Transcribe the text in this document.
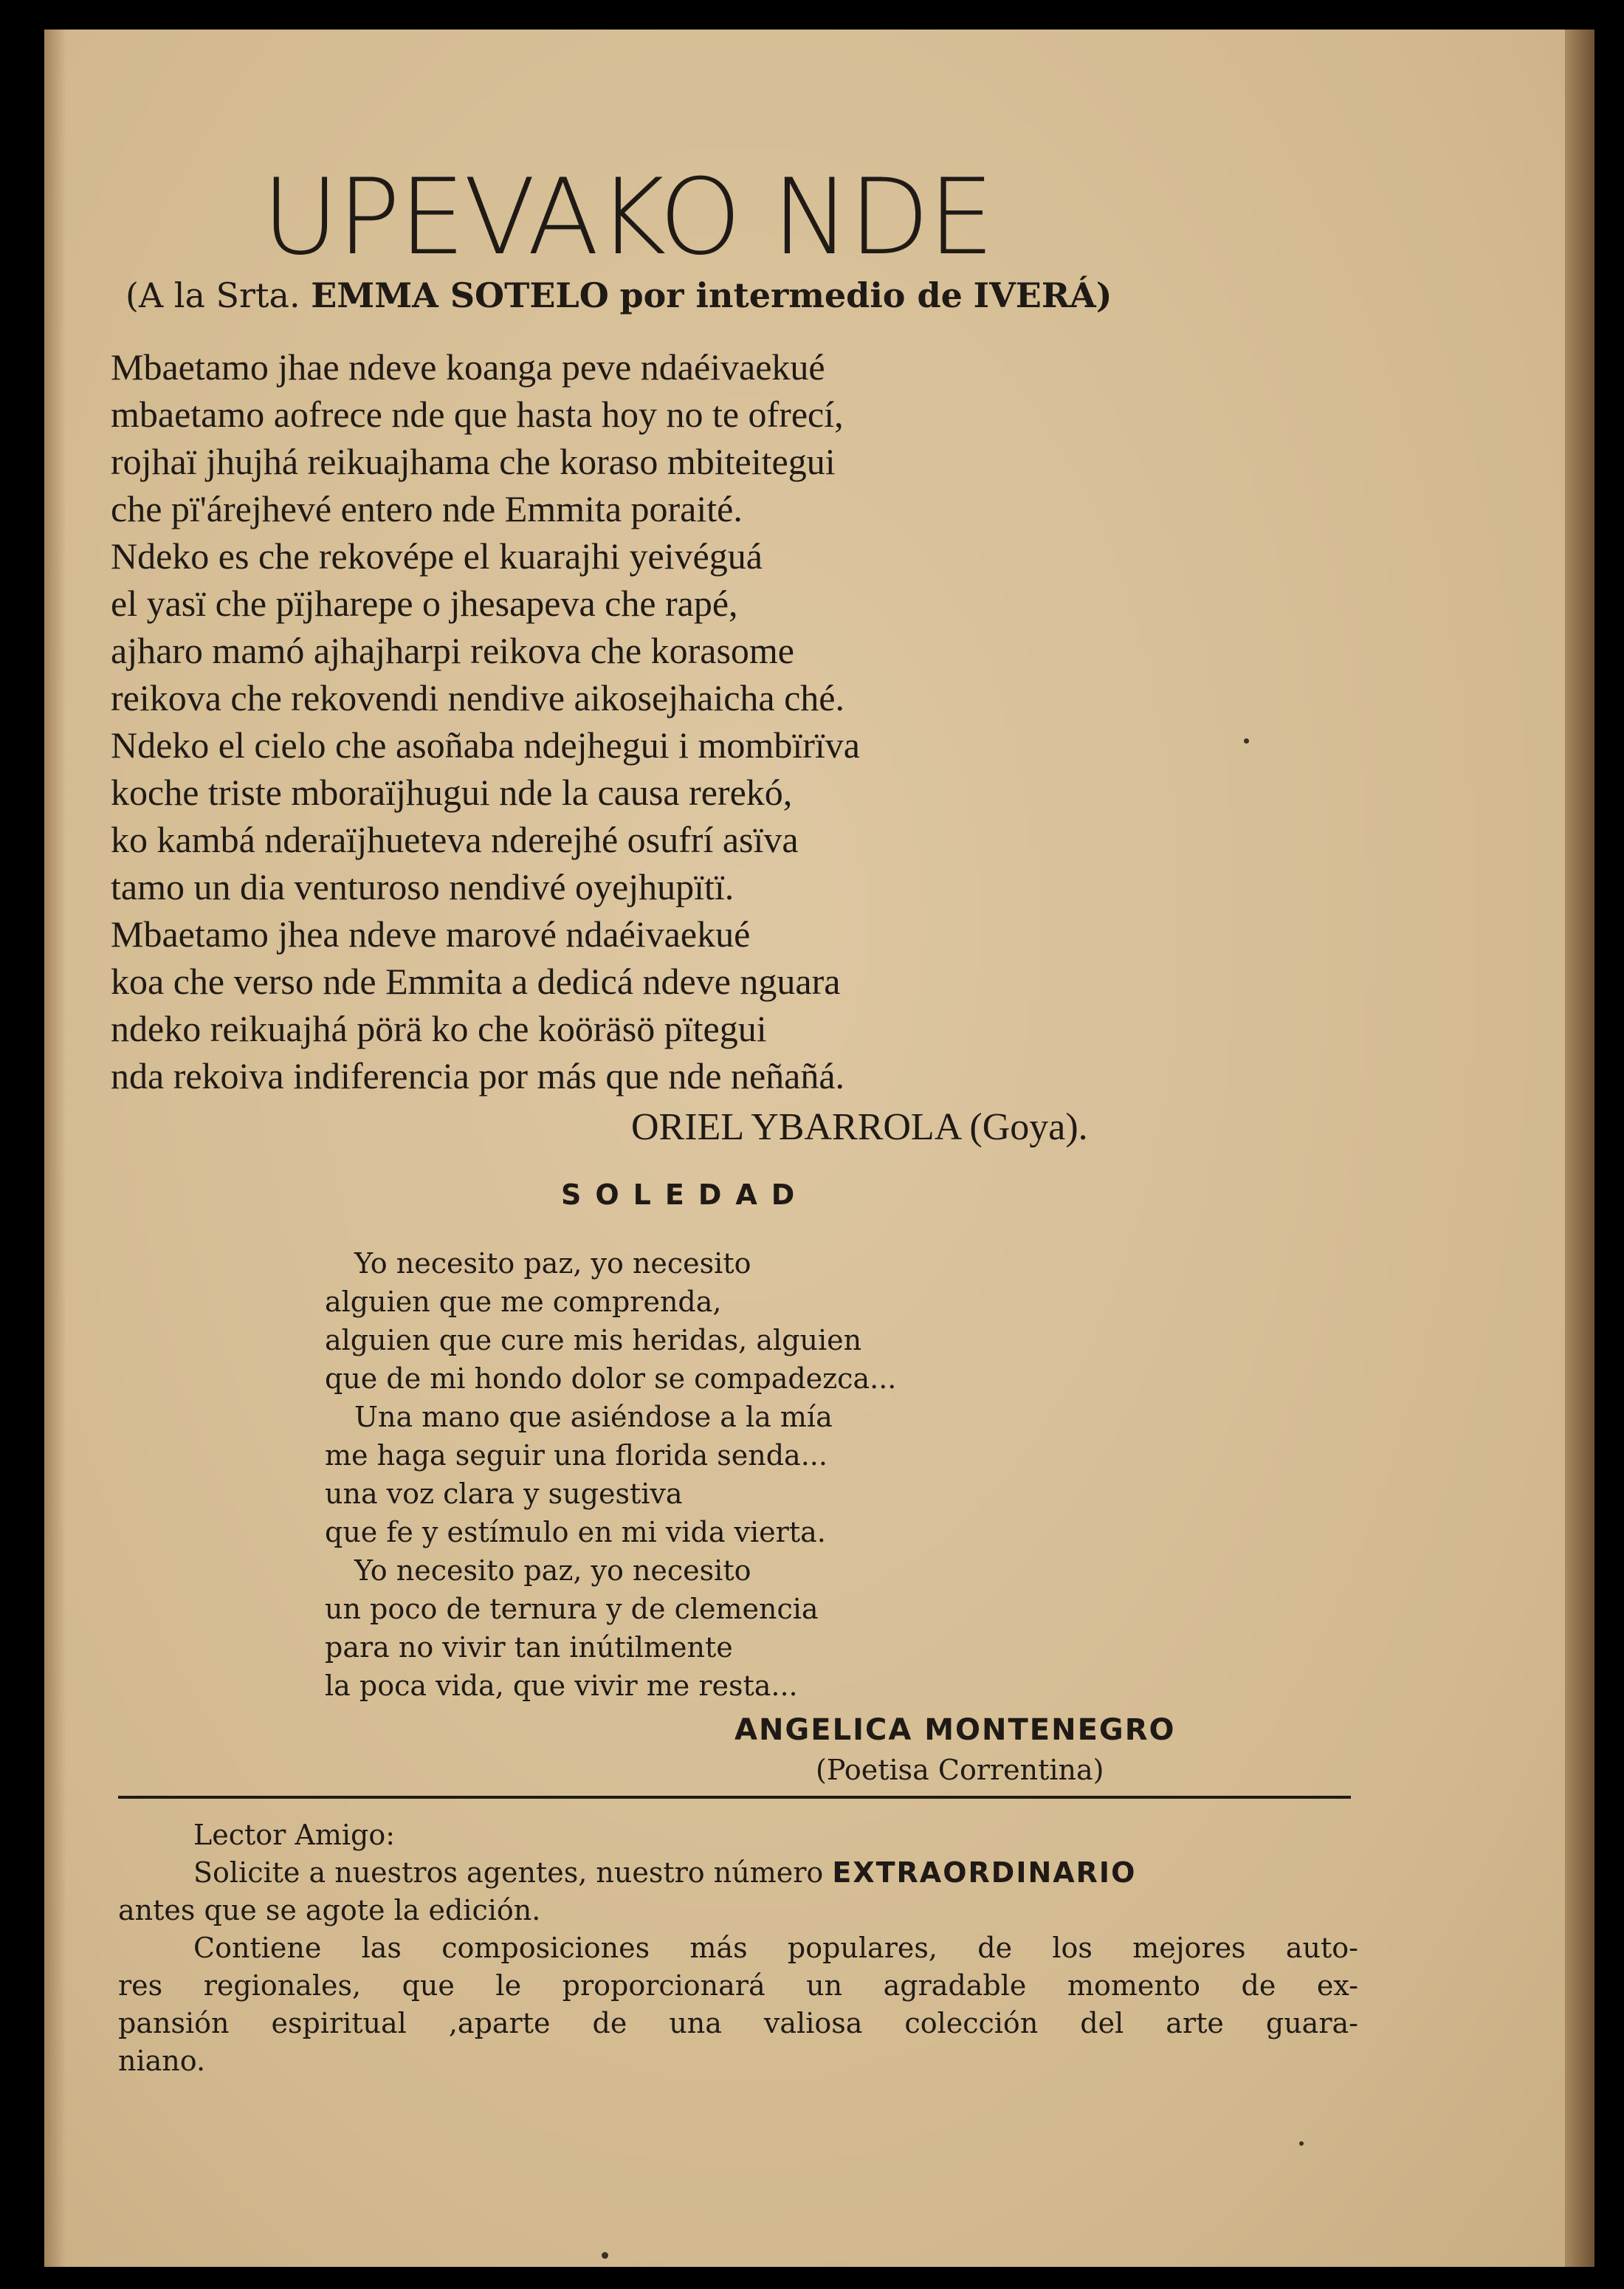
UPEVAKO NDE
(A la Srta. EMMA SOTELO por intermedio de IVERÁ)
Mbaetamo jhae ndeve koanga peve ndaéivaekué
mbaetamo aofrece nde que hasta hoy no te ofrecí,
rojhaï jhujhá reikuajhama che koraso mbiteitegui
che pï'árejhevé entero nde Emmita poraité.
Ndeko es che rekovépe el kuarajhi yeivéguá
el yasï che pïjharepe o jhesapeva che rapé,
ajharo mamó ajhajharpi reikova che korasome
reikova che rekovendi nendive aikosejhaicha ché.
Ndeko el cielo che asoñaba ndejhegui i mombïrïva
koche triste mboraïjhugui nde la causa rerekó,
ko kambá nderaïjhueteva nderejhé osufrí asïva
tamo un dia venturoso nendivé oyejhupïtï.
Mbaetamo jhea ndeve marové ndaéivaekué
koa che verso nde Emmita a dedicá ndeve nguara
ndeko reikuajhá pörä ko che koöräsö pïtegui
nda rekoiva indiferencia por más que nde neñañá.
ORIEL YBARROLA (Goya).
SOLEDAD
Yo necesito paz, yo necesito
alguien que me comprenda,
alguien que cure mis heridas, alguien
que de mi hondo dolor se compadezca...
Una mano que asiéndose a la mía
me haga seguir una florida senda...
una voz clara y sugestiva
que fe y estímulo en mi vida vierta.
Yo necesito paz, yo necesito
un poco de ternura y de clemencia
para no vivir tan inútilmente
la poca vida, que vivir me resta...
ANGELICA MONTENEGRO
(Poetisa Correntina)
Lector Amigo:
Solicite a nuestros agentes, nuestro número EXTRAORDINARIO
antes que se agote la edición.
Contiene las composiciones más populares, de los mejores auto-
res regionales, que le proporcionará un agradable momento de ex-
pansión espiritual ,aparte de una valiosa colección del arte guara-
niano.
